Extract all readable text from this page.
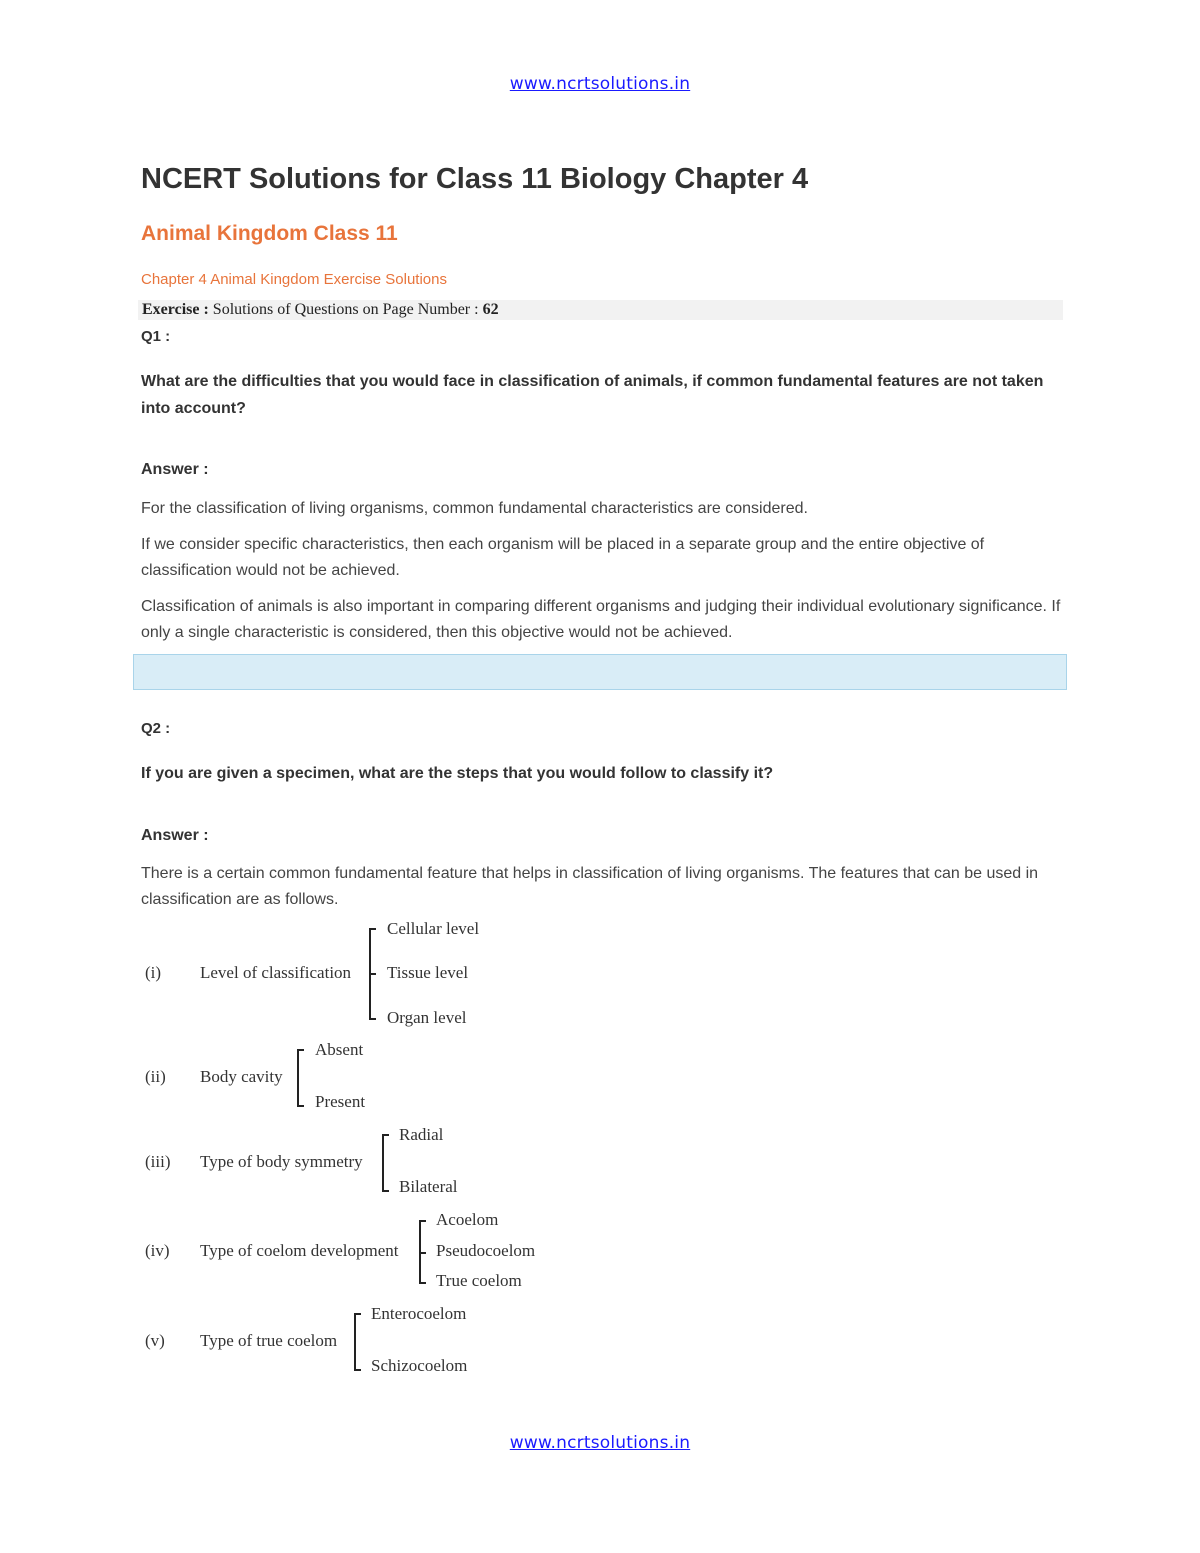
www.ncrtsolutions.in
NCERT Solutions for Class 11 Biology Chapter 4
Animal Kingdom Class 11
Chapter 4 Animal Kingdom Exercise Solutions
Exercise : Solutions of Questions on Page Number : 62
Q1 :
What are the difficulties that you would face in classification of animals, if common fundamental features are not taken into account?
Answer :
For the classification of living organisms, common fundamental characteristics are considered.
If we consider specific characteristics, then each organism will be placed in a separate group and the entire objective of classification would not be achieved.
Classification of animals is also important in comparing different organisms and judging their individual evolutionary significance. If only a single characteristic is considered, then this objective would not be achieved.
Q2 :
If you are given a specimen, what are the steps that you would follow to classify it?
Answer :
There is a certain common fundamental feature that helps in classification of living organisms. The features that can be used in classification are as follows.
(i) Level of classification
Cellular level
Tissue level
Organ level
(ii) Body cavity
Absent
Present
(iii) Type of body symmetry
Radial
Bilateral
(iv) Type of coelom development
Acoelom
Pseudocoelom
True coelom
(v) Type of true coelom
Enterocoelom
Schizocoelom
www.ncrtsolutions.in
